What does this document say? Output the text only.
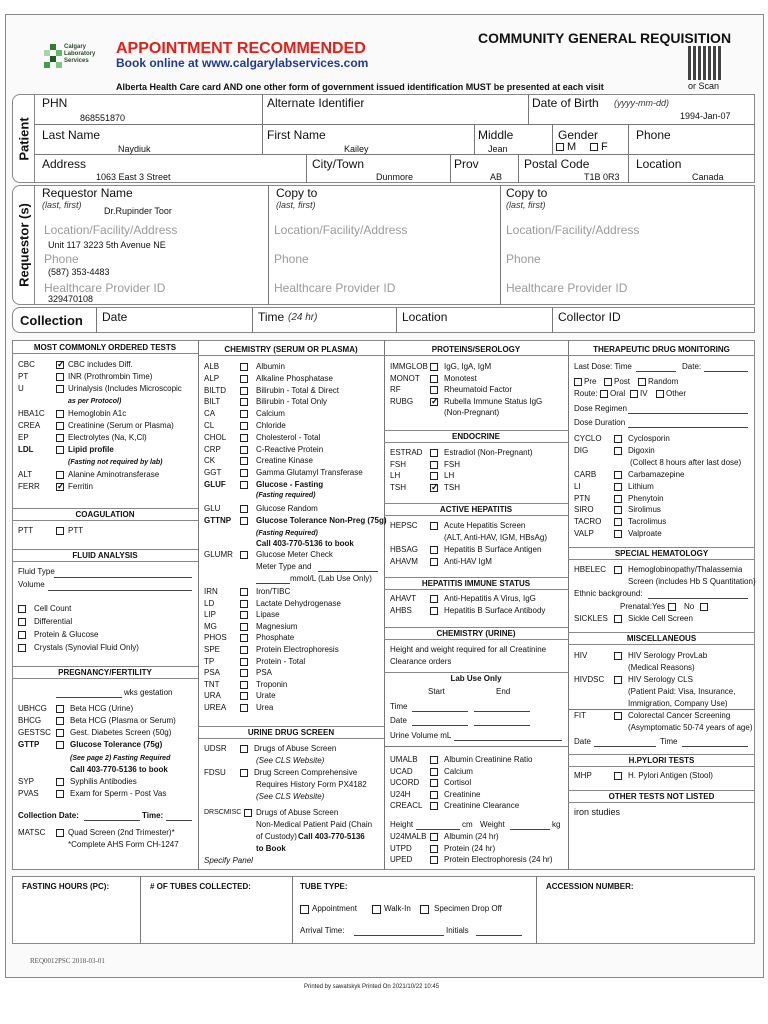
Calgary Laboratory Services
APPOINTMENT RECOMMENDED
Book online at www.calgarylabservices.com
COMMUNITY GENERAL REQUISITION
or Scan
Alberta Health Care card AND one other form of government issued identification MUST be presented at each visit
Patient
PHN
868551870
Alternate Identifier	Date of Birth (yyyy-mm-dd)
1994-Jan-07
Last Name
Naydiuk
First Name
Kailey
Middle
Jean
Gender
M F
Phone
Address
1063 East 3 Street
City/Town
Dunmore
Prov
AB
Postal Code
T1B 0R3
Location
Canada
Requestor (s)
Requestor Name
(last, first)
Dr.Rupinder Toor
Copy to
(last, first)
Copy to
(last, first)
Location/Facility/Address
Unit 117 3223 5th Avenue NE
Location/Facility/Address	Location/Facility/Address
Phone
(587) 353-4483
Phone	Phone
Healthcare Provider ID
329470108
Healthcare Provider ID	Healthcare Provider ID
Collection Date	Time (24 hr)	Location	Collector ID
MOST COMMONLY ORDERED TESTS
CBC ✓	CBC includes Diff.
PT	INR (Prothrombin Time)
U	Urinalysis (Includes Microscopic
as per Protocol)
HBA1C	Hemoglobin A1c
CREA	Creatinine (Serum or Plasma)
EP	Electrolytes (Na, K,Cl)
LDL	Lipid profile
(Fasting not required by lab)
ALT	Alanine Aminotransferase
FERR ✓	Ferritin
COAGULATION
PTT	PTT
FLUID ANALYSIS
Fluid Type
Volume
Cell Count
Differential
Protein & Glucose
Crystals (Synovial Fluid Only)
PREGNANCY/FERTILITY
wks gestation
UBHCG	Beta HCG (Urine)
BHCG	Beta HCG (Plasma or Serum)
GESTSC Gest. Diabetes Screen (50g)
GTTP	Glucose Tolerance (75g)
(See page 2) Fasting Required
Call 403-770-5136 to book
SYP	Syphilis Antibodies
PVAS	Exam for Sperm - Post Vas
Collection Date:	Time:
MATSC	Quad Screen (2nd Trimester)*
*Complete AHS Form CH-1247
CHEMISTRY (SERUM OR PLASMA)
ALB	Albumin
ALP	Alkaline Phosphatase
BILTD	Bilirubin - Total & Direct
BILT	Bilirubin - Total Only
CA	Calcium
CL	Chloride
CHOL	Cholesterol - Total
CRP	C-Reactive Protein
CK	Creatine Kinase
GGT	Gamma Glutamyl Transferase
GLUF	Glucose - Fasting
(Fasting required)
GLU	Glucose Random
GTTNP	Glucose Tolerance Non-Preg (75g)
(Fasting Required)
Call 403-770-5136 to book
GLUMR	Glucose Meter Check
Meter Type and
mmol/L (Lab Use Only)
IRN	Iron/TIBC
LD	Lactate Dehydrogenase
LIP	Lipase
MG	Magnesium
PHOS	Phosphate
SPE	Protein Electrophoresis
TP	Protein - Total
PSA	PSA
TNT	Troponin
URA	Urate
UREA	Urea
URINE DRUG SCREEN
UDSR	Drugs of Abuse Screen
(See CLS Website)
FDSU	Drug Screen Comprehensive
Requires History Form PX4182
(See CLS Website)
DRSCMISC Drugs of Abuse Screen
Non-Medical Patient Paid (Chain
of Custody) Call 403-770-5136
to Book
Specify Panel
PROTEINS/SEROLOGY
IMMGLOB IgG, IgA, IgM
MONOT	Monotest
RF	Rheumatoid Factor
RUBG ✓	Rubella Immune Status IgG
(Non-Pregnant)
ENDOCRINE
ESTRAD	Estradiol (Non-Pregnant)
FSH	FSH
LH	LH
TSH ✓	TSH
ACTIVE HEPATITIS
HEPSC	Acute Hepatitis Screen
(ALT, Anti-HAV, IGM, HBsAg)
HBSAG	Hepatitis B Surface Antigen
AHAVM	Anti-HAV IgM
HEPATITIS IMMUNE STATUS
AHAVT	Anti-Hepatitis A Virus, IgG
AHBS	Hepatitis B Surface Antibody
CHEMISTRY (URINE)
Height and weight required for all Creatinine
Clearance orders
Lab Use Only
Start	End
Time
Date
Urine Volume mL
UMALB	Albumin Creatinine Ratio
UCAD	Calcium
UCORD	Cortisol
U24H	Creatinine
CREACL	Creatinine Clearance
Height	cm Weight	kg
U24MALB Albumin (24 hr)
UTPD	Protein (24 hr)
UPED	Protein Electrophoresis (24 hr)
THERAPEUTIC DRUG MONITORING
Last Dose: Time	Date:
Pre Post Random
Route: Oral IV Other
Dose Regimen
Dose Duration
CYCLO	Cyclosporin
DIG	Digoxin
(Collect 8 hours after last dose)
CARB	Carbamazepine
LI	Lithium
PTN	Phenytoin
SIRO	Sirolimus
TACRO	Tacrolimus
VALP	Valproate
SPECIAL HEMATOLOGY
HBELEC	Hemoglobinopathy/Thalassemia
Screen (includes Hb S Quantitation)
Ethnic background:
Prenatal: Yes No
SICKLES	Sickle Cell Screen
MISCELLANEOUS
HIV	HIV Serology ProvLab
(Medical Reasons)
HIVDSC	HIV Serology CLS
(Patient Paid: Visa, Insurance,
Immigration, Company Use)
FIT	Colorectal Cancer Screening
(Asymptomatic 50-74 years of age)
Date	Time
H.PYLORI TESTS
MHP	H. Pylori Antigen (Stool)
OTHER TESTS NOT LISTED
iron studies
FASTING HOURS (PC):	# OF TUBES COLLECTED:	TUBE TYPE:	ACCESSION NUMBER:
Appointment	Walk-In	Specimen Drop Off
Arrival Time:	Initials
REQ0012PSC 2018-03-01
Printed by sawatskyk Printed On 2021/10/22 10:45
